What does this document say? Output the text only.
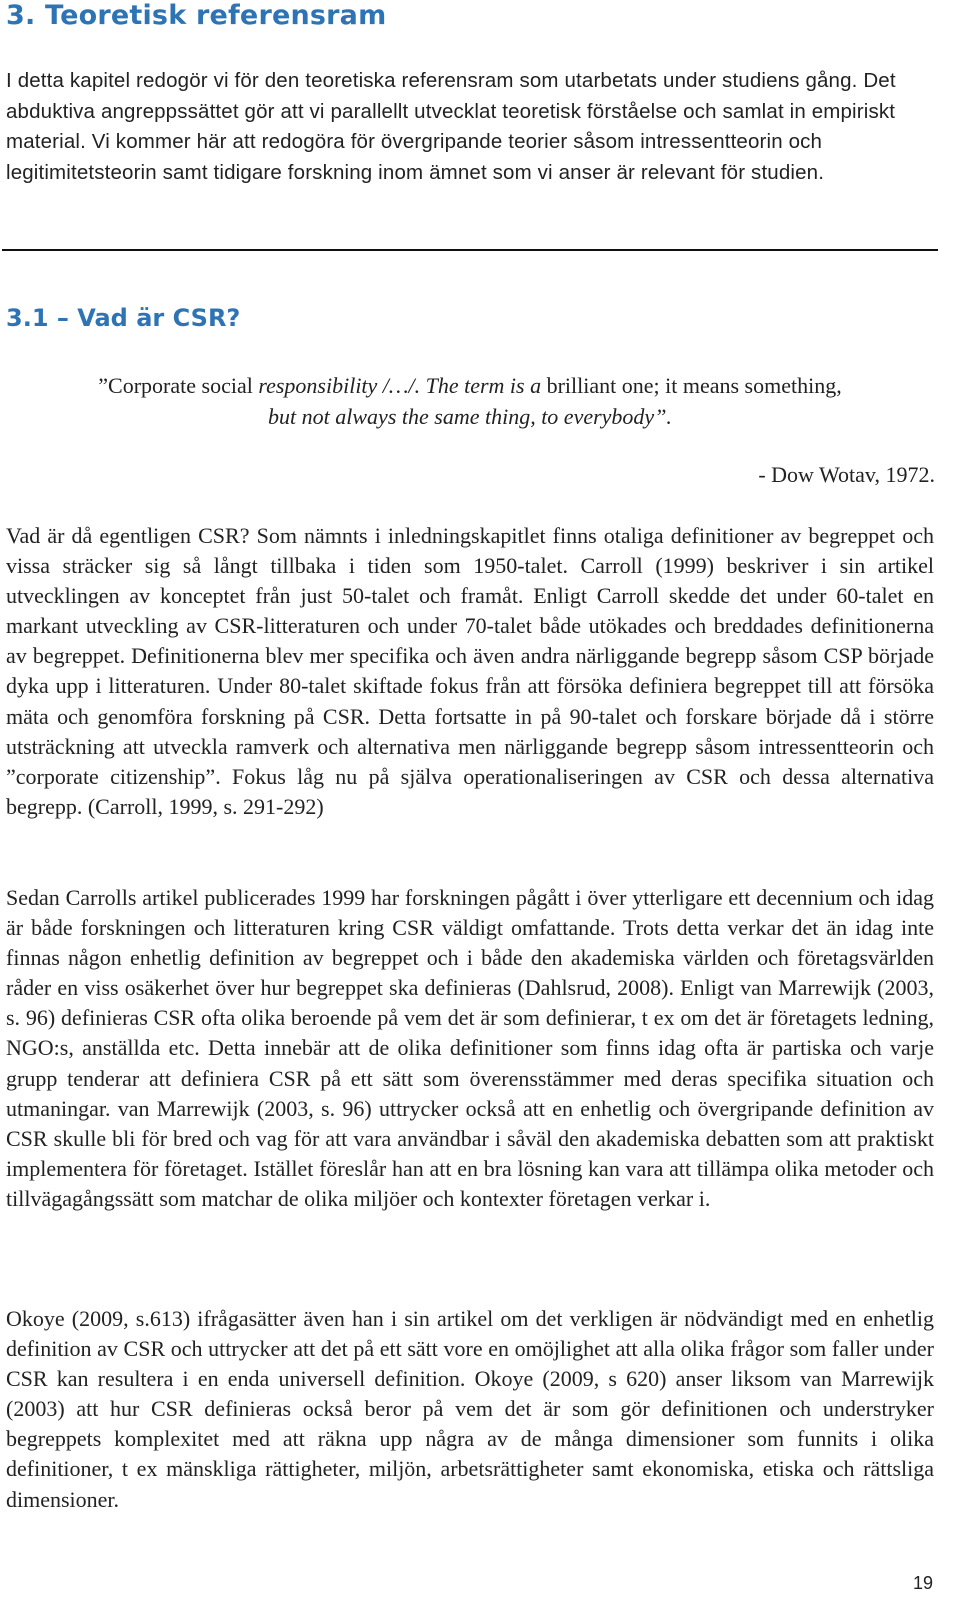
3. Teoretisk referensram

I detta kapitel redogör vi för den teoretiska referensram som utarbetats under studiens gång. Det abduktiva angreppssättet gör att vi parallellt utvecklat teoretisk förståelse och samlat in empiriskt material. Vi kommer här att redogöra för övergripande teorier såsom intressentteorin och legitimitetsteorin samt tidigare forskning inom ämnet som vi anser är relevant för studien.

3.1 – Vad är CSR?

”Corporate social responsibility /…/. The term is a brilliant one; it means something,
but not always the same thing, to everybody”.

- Dow Wotav, 1972.

Vad är då egentligen CSR? Som nämnts i inledningskapitlet finns otaliga definitioner av begreppet och vissa sträcker sig så långt tillbaka i tiden som 1950-talet. Carroll (1999) beskriver i sin artikel utvecklingen av konceptet från just 50-talet och framåt. Enligt Carroll skedde det under 60-talet en markant utveckling av CSR-litteraturen och under 70-talet både utökades och breddades definitionerna av begreppet. Definitionerna blev mer specifika och även andra närliggande begrepp såsom CSP började dyka upp i litteraturen. Under 80-talet skiftade fokus från att försöka definiera begreppet till att försöka mäta och genomföra forskning på CSR. Detta fortsatte in på 90-talet och forskare började då i större utsträckning att utveckla ramverk och alternativa men närliggande begrepp såsom intressentteorin och ”corporate citizenship”. Fokus låg nu på själva operationaliseringen av CSR och dessa alternativa begrepp. (Carroll, 1999, s. 291-292)

Sedan Carrolls artikel publicerades 1999 har forskningen pågått i över ytterligare ett decennium och idag är både forskningen och litteraturen kring CSR väldigt omfattande. Trots detta verkar det än idag inte finnas någon enhetlig definition av begreppet och i både den akademiska världen och företagsvärlden råder en viss osäkerhet över hur begreppet ska definieras (Dahlsrud, 2008). Enligt van Marrewijk (2003, s. 96) definieras CSR ofta olika beroende på vem det är som definierar, t ex om det är företagets ledning, NGO:s, anställda etc. Detta innebär att de olika definitioner som finns idag ofta är partiska och varje grupp tenderar att definiera CSR på ett sätt som överensstämmer med deras specifika situation och utmaningar. van Marrewijk (2003, s. 96) uttrycker också att en enhetlig och övergripande definition av CSR skulle bli för bred och vag för att vara användbar i såväl den akademiska debatten som att praktiskt implementera för företaget. Istället föreslår han att en bra lösning kan vara att tillämpa olika metoder och tillvägagångssätt som matchar de olika miljöer och kontexter företagen verkar i.

Okoye (2009, s.613) ifrågasätter även han i sin artikel om det verkligen är nödvändigt med en enhetlig definition av CSR och uttrycker att det på ett sätt vore en omöjlighet att alla olika frågor som faller under CSR kan resultera i en enda universell definition. Okoye (2009, s 620) anser liksom van Marrewijk (2003) att hur CSR definieras också beror på vem det är som gör definitionen och understryker begreppets komplexitet med att räkna upp några av de många dimensioner som funnits i olika definitioner, t ex mänskliga rättigheter, miljön, arbetsrättigheter samt ekonomiska, etiska och rättsliga dimensioner.

19
